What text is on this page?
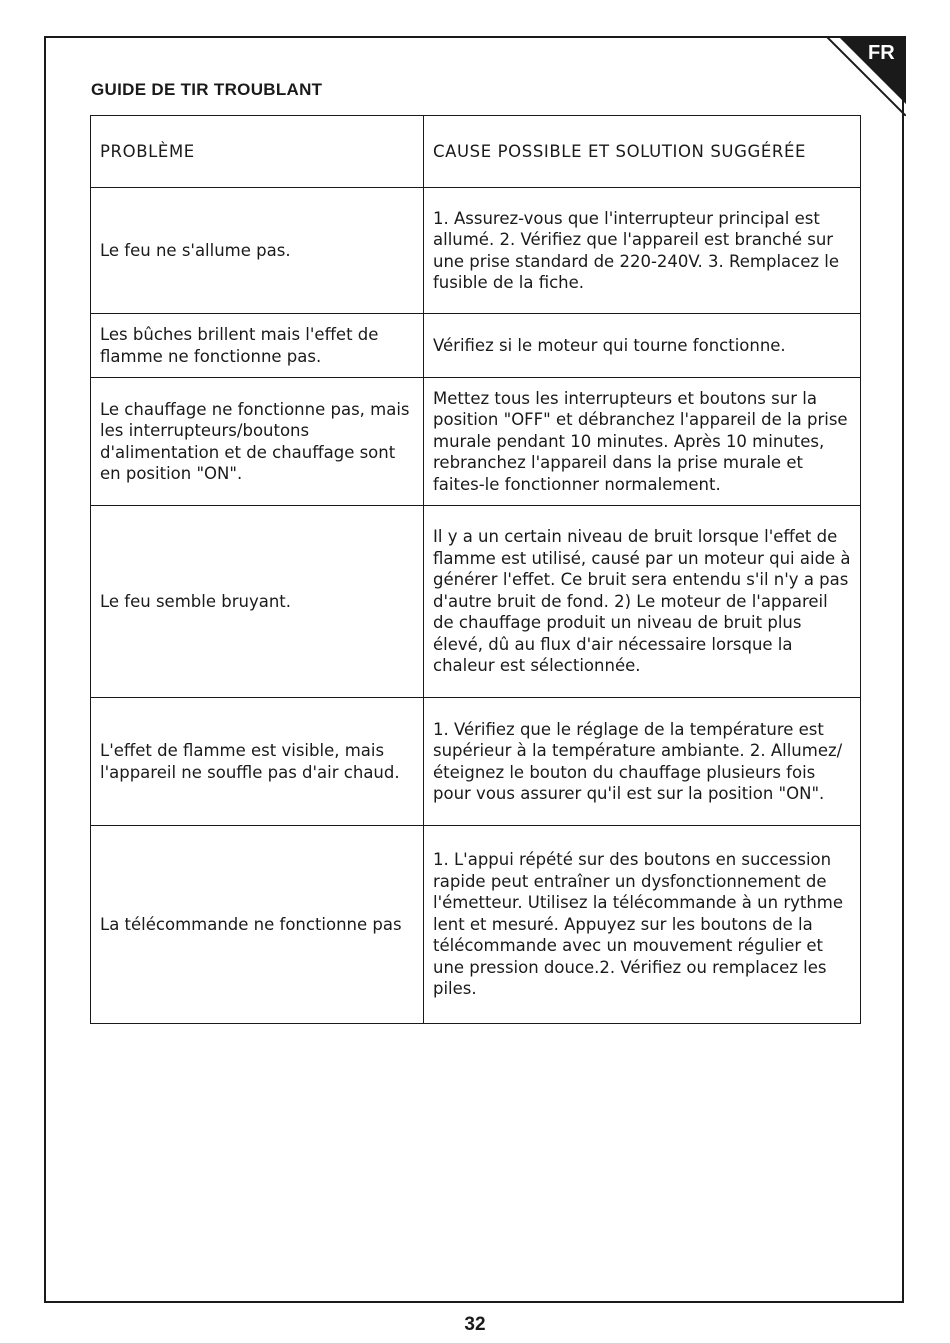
FR
GUIDE DE TIR TROUBLANT
PROBLÈME	CAUSE POSSIBLE ET SOLUTION SUGGÉRÉE
Le feu ne s'allume pas.	1. Assurez-vous que l'interrupteur principal est allumé. 2. Vérifiez que l'appareil est branché sur une prise standard de 220-240V. 3. Remplacez le fusible de la fiche.
Les bûches brillent mais l'effet de flamme ne fonctionne pas.	Vérifiez si le moteur qui tourne fonctionne.
Le chauffage ne fonctionne pas, mais les interrupteurs/boutons d'alimentation et de chauffage sont en position "ON".	Mettez tous les interrupteurs et boutons sur la position "OFF" et débranchez l'appareil de la prise murale pendant 10 minutes. Après 10 minutes, rebranchez l'appareil dans la prise murale et faites-le fonctionner normalement.
Le feu semble bruyant.	Il y a un certain niveau de bruit lorsque l'effet de flamme est utilisé, causé par un moteur qui aide à générer l'effet. Ce bruit sera entendu s'il n'y a pas d'autre bruit de fond. 2) Le moteur de l'appareil de chauffage produit un niveau de bruit plus élevé, dû au flux d'air nécessaire lorsque la chaleur est sélectionnée.
L'effet de flamme est visible, mais l'appareil ne souffle pas d'air chaud.	1. Vérifiez que le réglage de la température est supérieur à la température ambiante. 2. Allumez/éteignez le bouton du chauffage plusieurs fois pour vous assurer qu'il est sur la position "ON".
La télécommande ne fonctionne pas	1. L'appui répété sur des boutons en succession rapide peut entraîner un dysfonctionnement de l'émetteur. Utilisez la télécommande à un rythme lent et mesuré. Appuyez sur les boutons de la télécommande avec un mouvement régulier et une pression douce.2. Vérifiez ou remplacez les piles.
32
